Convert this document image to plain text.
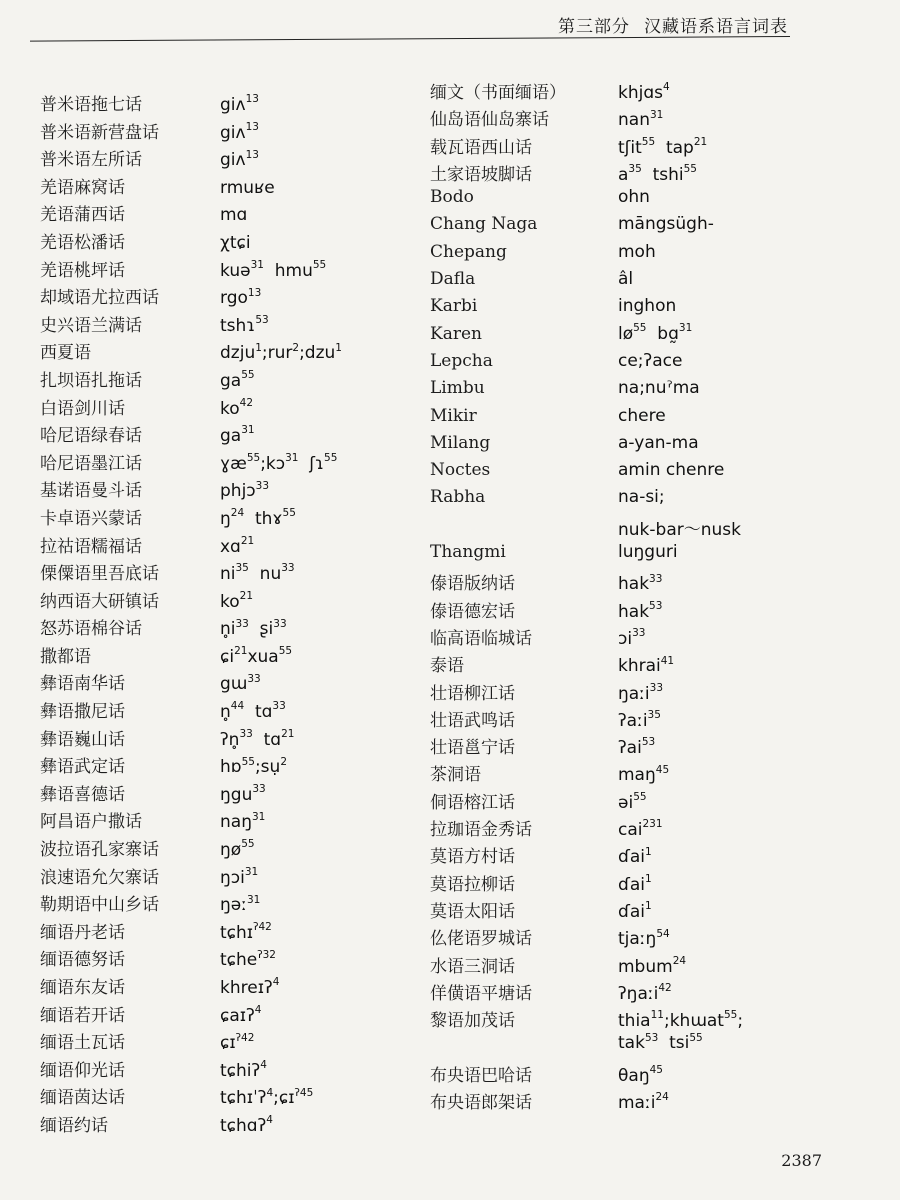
第三部分 汉藏语系语言词表
普米语拖七话	giʌ$^{13}$
普米语新营盘话	giʌ$^{13}$
普米语左所话	giʌ$^{13}$
羌语麻窝话	rmuʁe
羌语蒲西话	mɑ
羌语松潘话	χtɕi
羌语桃坪话	kuə$^{31}$  hmu$^{55}$
却域语尤拉西话	rgo$^{13}$
史兴语兰满话	tshɿ$^{53}$
西夏语	dzju$^1$;rur$^2$;dzu$^1$
扎坝语扎拖话	$ga^{55}$
白语剑川话	$ko^{42}$
哈尼语绿春话	$ga^{31}$
哈尼语墨江话	ɣæ$^{55}$;kɔ$^{31}$  ʃɿ$^{55}$
基诺语曼斗话	phjɔ$^{33}$
卡卓语兴蒙话	$ŋ^{24}$  thɤ$^{55}$
拉祜语糯福话	xɑ$^{21}$
傈僳语里吾底话	$ni^{35}$  $nu^{33}$
纳西语大研镇话	$ko^{21}$
怒苏语棉谷话	$n̥i^{33}$  ʂi$^{33}$
撒都语	ɕi$^{21}$xua$^{55}$
彝语南华话	gɯ$^{33}$
彝语撒尼话	n̥$^{44}$  tɑ$^{33}$
彝语巍山话	ʔn̥$^{33}$  tɑ$^{21}$
彝语武定话	hɒ$^{55}$;sụ$^2$
彝语喜德话	ŋgu$^{33}$
阿昌语户撒话	naŋ$^{31}$
波拉语孔家寨话	$ŋø^{55}$
浪速语允欠寨话	ŋɔi$^{31}$
勒期语中山乡话	ŋəː$^{31}$
缅语丹老话	tɕhɪ$^{ʔ42}$
缅语德努话	tɕhe$^{ʔ32}$
缅语东友话	khreɪʔ$^4$
缅语若开话	ɕaɪʔ$^4$
缅语土瓦话	ɕɪ$^{ʔ42}$
缅语仰光话	tɕhiʔ$^4$
缅语茵达话	tɕhɪˈʔ$^4$;ɕɪ$^{ʔ45}$
缅语约话	tɕhɑʔ$^4$
缅文（书面缅语）	khjɑs$^4$
仙岛语仙岛寨话	nan$^{31}$
载瓦语西山话	tʃit$^{55}$  tap$^{21}$
土家语坡脚话	$a^{35}$  tshi$^{55}$
Bodo	ohn
Chang Naga	māngsügh-
Chepang	moh
Dafla	âl
Karbi	inghon
Karen	$lø^{55}$  bɑ̰$^{31}$
Lepcha	ce;ʔace
Limbu	na;nuˀma
Mikir	chere
Milang	a-yan-ma
Noctes	amin chenre
Rabha	na-si;
nuk-bar～nusk
Thangmi	luŋguri
傣语版纳话	hak$^{33}$
傣语德宏话	hak$^{53}$
临高语临城话	ɔi$^{33}$
泰语	khrai$^{41}$
壮语柳江话	ŋaːi$^{33}$
壮语武鸣话	ʔaːi$^{35}$
壮语邕宁话	ʔai$^{53}$
茶洞语	maŋ$^{45}$
侗语榕江话	əi$^{55}$
拉珈语金秀话	cai$^{231}$
莫语方村话	ɗai$^1$
莫语拉柳话	ɗai$^1$
莫语太阳话	ɗai$^1$
仫佬语罗城话	tjaːŋ$^{54}$
水语三洞话	mbum$^{24}$
佯僙语平塘话	ʔŋaːi$^{42}$
黎语加茂话	thia$^{11}$;khɯat$^{55}$;
tak$^{53}$  tsi$^{55}$
布央语巴哈话	θaŋ$^{45}$
布央语郎架话	maːi$^{24}$
2387
